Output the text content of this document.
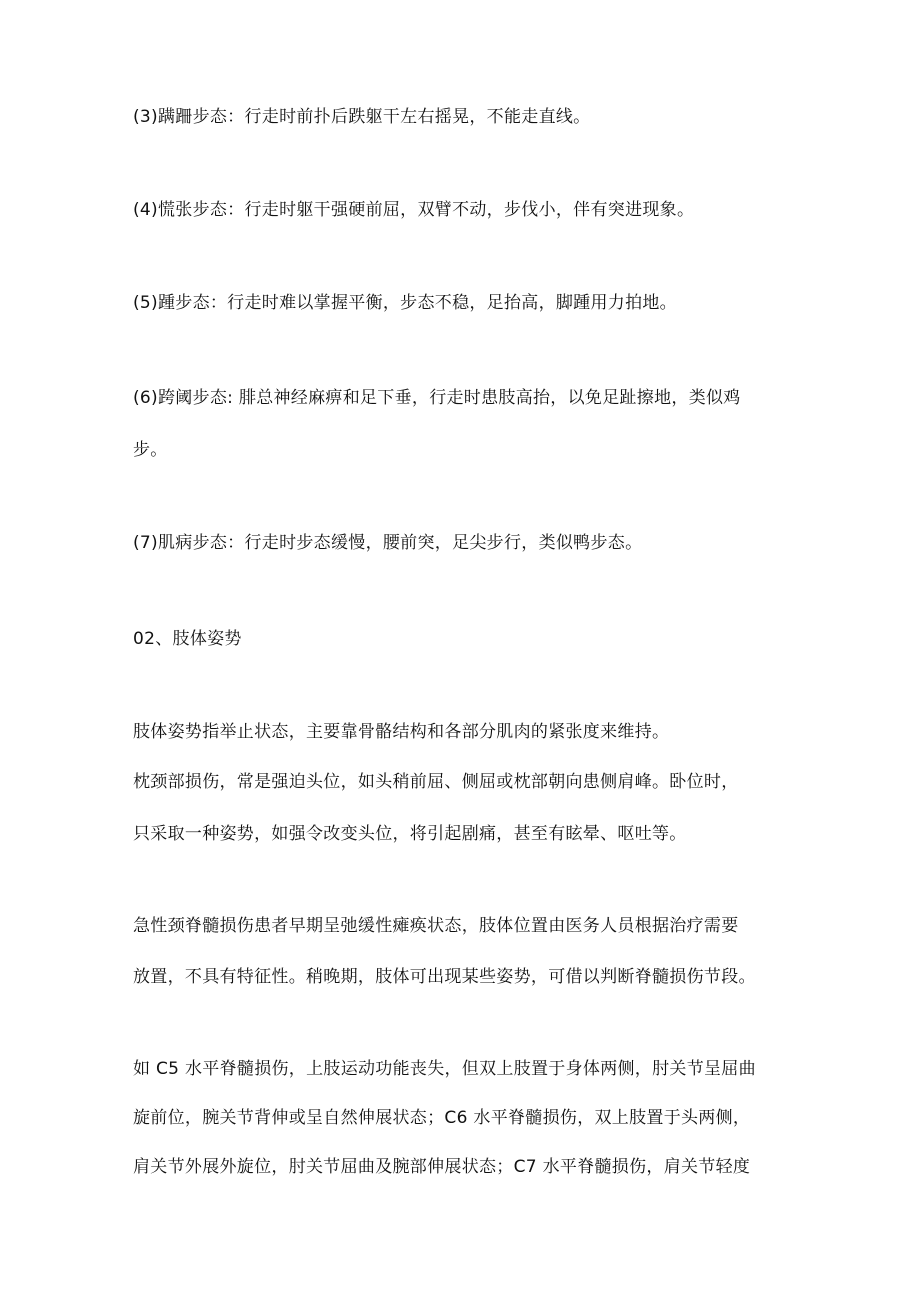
(3)蹒跚步态：行走时前扑后跌躯干左右摇晃，不能走直线。
(4)慌张步态：行走时躯干强硬前屈，双臂不动，步伐小，伴有突进现象。
(5)踵步态：行走时难以掌握平衡，步态不稳，足抬高，脚踵用力拍地。
(6)跨阈步态: 腓总神经麻痹和足下垂，行走时患肢高抬，以免足趾擦地，类似鸡
步。
(7)肌病步态：行走时步态缓慢，腰前突，足尖步行，类似鸭步态。
02、肢体姿势
肢体姿势指举止状态，主要靠骨骼结构和各部分肌肉的紧张度来维持。
枕颈部损伤，常是强迫头位，如头稍前屈、侧屈或枕部朝向患侧肩峰。卧位时，
只采取一种姿势，如强令改变头位，将引起剧痛，甚至有眩晕、呕吐等。
急性颈脊髓损伤患者早期呈弛缓性瘫痪状态，肢体位置由医务人员根据治疗需要
放置，不具有特征性。稍晚期，肢体可出现某些姿势，可借以判断脊髓损伤节段。
如 C5 水平脊髓损伤，上肢运动功能丧失，但双上肢置于身体两侧，肘关节呈屈曲
旋前位，腕关节背伸或呈自然伸展状态；C6 水平脊髓损伤，双上肢置于头两侧，
肩关节外展外旋位，肘关节屈曲及腕部伸展状态；C7 水平脊髓损伤，肩关节轻度
